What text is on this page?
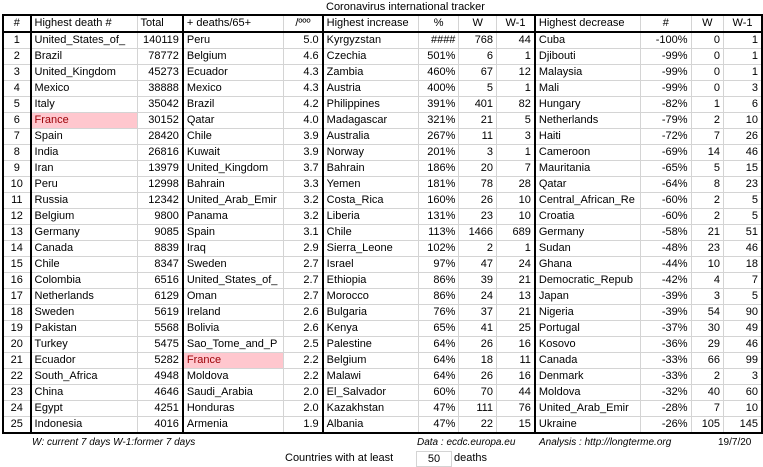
Coronavirus international tracker
#	Highest death #	Total	+ deaths/65+	/ººº	Highest increase	%	W	W-1	Highest decrease	#	W	W-1
1	United_States_of_	140119	Peru	5.0	Kyrgyzstan	####	768	44	Cuba	-100%	0	1
2	Brazil	78772	Belgium	4.6	Czechia	501%	6	1	Djibouti	-99%	0	1
3	United_Kingdom	45273	Ecuador	4.3	Zambia	460%	67	12	Malaysia	-99%	0	1
4	Mexico	38888	Mexico	4.3	Austria	400%	5	1	Mali	-99%	0	3
5	Italy	35042	Brazil	4.2	Philippines	391%	401	82	Hungary	-82%	1	6
6	France	30152	Qatar	4.0	Madagascar	321%	21	5	Netherlands	-79%	2	10
7	Spain	28420	Chile	3.9	Australia	267%	11	3	Haiti	-72%	7	26
8	India	26816	Kuwait	3.9	Norway	201%	3	1	Cameroon	-69%	14	46
9	Iran	13979	United_Kingdom	3.7	Bahrain	186%	20	7	Mauritania	-65%	5	15
10	Peru	12998	Bahrain	3.3	Yemen	181%	78	28	Qatar	-64%	8	23
11	Russia	12342	United_Arab_Emir	3.2	Costa_Rica	160%	26	10	Central_African_Re	-60%	2	5
12	Belgium	9800	Panama	3.2	Liberia	131%	23	10	Croatia	-60%	2	5
13	Germany	9085	Spain	3.1	Chile	113%	1466	689	Germany	-58%	21	51
14	Canada	8839	Iraq	2.9	Sierra_Leone	102%	2	1	Sudan	-48%	23	46
15	Chile	8347	Sweden	2.7	Israel	97%	47	24	Ghana	-44%	10	18
16	Colombia	6516	United_States_of_	2.7	Ethiopia	86%	39	21	Democratic_Repub	-42%	4	7
17	Netherlands	6129	Oman	2.7	Morocco	86%	24	13	Japan	-39%	3	5
18	Sweden	5619	Ireland	2.6	Bulgaria	76%	37	21	Nigeria	-39%	54	90
19	Pakistan	5568	Bolivia	2.6	Kenya	65%	41	25	Portugal	-37%	30	49
20	Turkey	5475	Sao_Tome_and_P	2.5	Palestine	64%	26	16	Kosovo	-36%	29	46
21	Ecuador	5282	France	2.2	Belgium	64%	18	11	Canada	-33%	66	99
22	South_Africa	4948	Moldova	2.2	Malawi	64%	26	16	Denmark	-33%	2	3
23	China	4646	Saudi_Arabia	2.0	El_Salvador	60%	70	44	Moldova	-32%	40	60
24	Egypt	4251	Honduras	2.0	Kazakhstan	47%	111	76	United_Arab_Emir	-28%	7	10
25	Indonesia	4016	Armenia	1.9	Albania	47%	22	15	Ukraine	-26%	105	145
W: current 7 days W-1:former 7 days	Data : ecdc.europa.eu Analysis : http://longterme.org	19/7/20
Countries with at least	50	deaths
